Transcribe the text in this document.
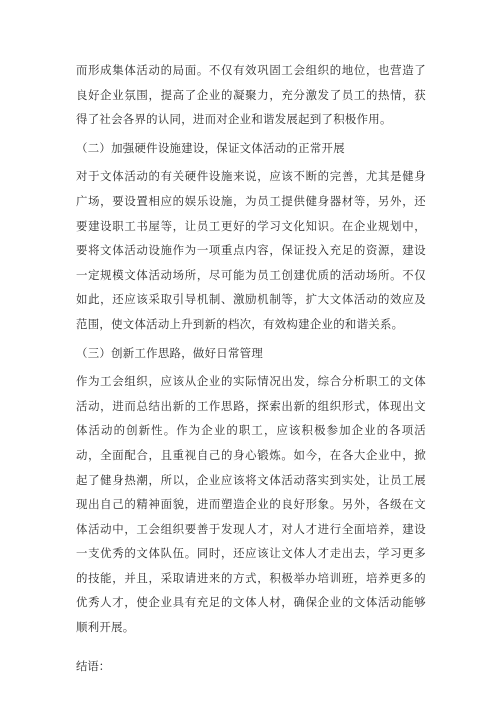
而形成集体活动的局面。不仅有效巩固工会组织的地位，也营造了良好企业氛围，提高了企业的凝聚力，充分激发了员工的热情，获得了社会各界的认同，进而对企业和谐发展起到了积极作用。

（二）加强硬件设施建设，保证文体活动的正常开展

对于文体活动的有关硬件设施来说，应该不断的完善，尤其是健身广场，要设置相应的娱乐设施，为员工提供健身器材等，另外，还要建设职工书屋等，让员工更好的学习文化知识。在企业规划中，要将文体活动设施作为一项重点内容，保证投入充足的资源，建设一定规模文体活动场所，尽可能为员工创建优质的活动场所。不仅如此，还应该采取引导机制、激励机制等，扩大文体活动的效应及范围，使文体活动上升到新的档次，有效构建企业的和谐关系。

（三）创新工作思路，做好日常管理

作为工会组织，应该从企业的实际情况出发，综合分析职工的文体活动，进而总结出新的工作思路，探索出新的组织形式，体现出文体活动的创新性。作为企业的职工，应该积极参加企业的各项活动，全面配合，且重视自己的身心锻炼。如今，在各大企业中，掀起了健身热潮，所以，企业应该将文体活动落实到实处，让员工展现出自己的精神面貌，进而塑造企业的良好形象。另外，各级在文体活动中，工会组织要善于发现人才，对人才进行全面培养，建设一支优秀的文体队伍。同时，还应该让文体人才走出去，学习更多的技能，并且，采取请进来的方式，积极举办培训班，培养更多的优秀人才，使企业具有充足的文体人材，确保企业的文体活动能够顺利开展。

结语：
